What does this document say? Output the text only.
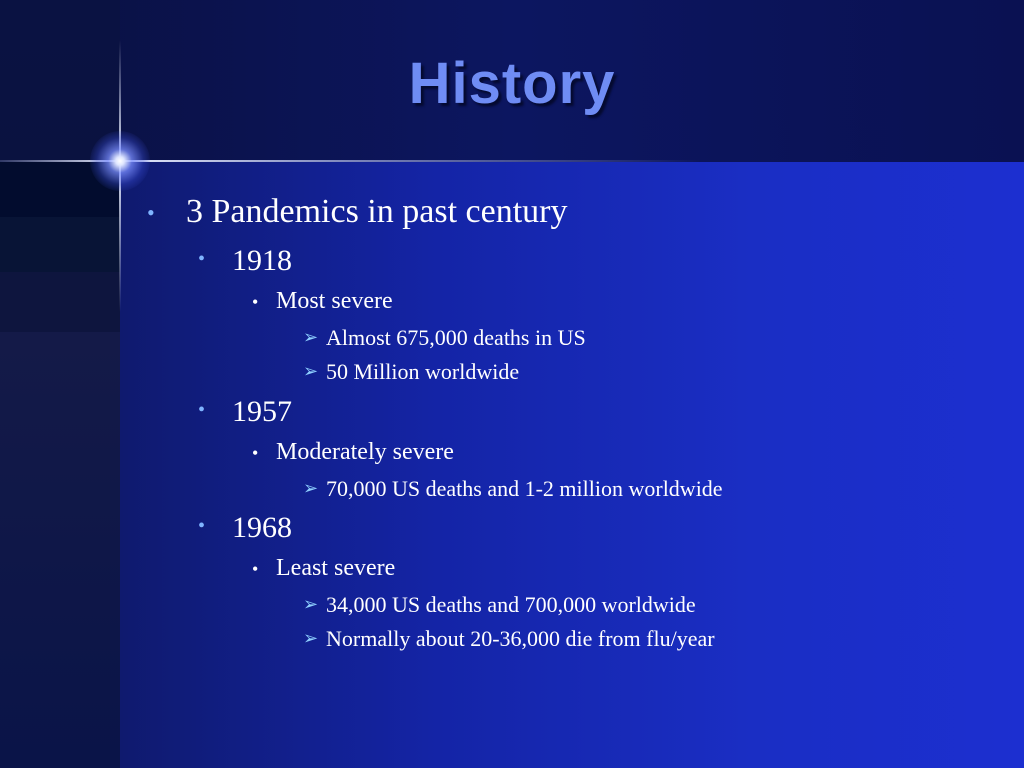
History
• 3 Pandemics in past century
• 1918
• Most severe
➢ Almost 675,000 deaths in US
➢ 50 Million worldwide
• 1957
• Moderately severe
➢ 70,000 US deaths and 1-2 million worldwide
• 1968
• Least severe
➢ 34,000 US deaths and 700,000 worldwide
➢ Normally about 20-36,000 die from flu/year
